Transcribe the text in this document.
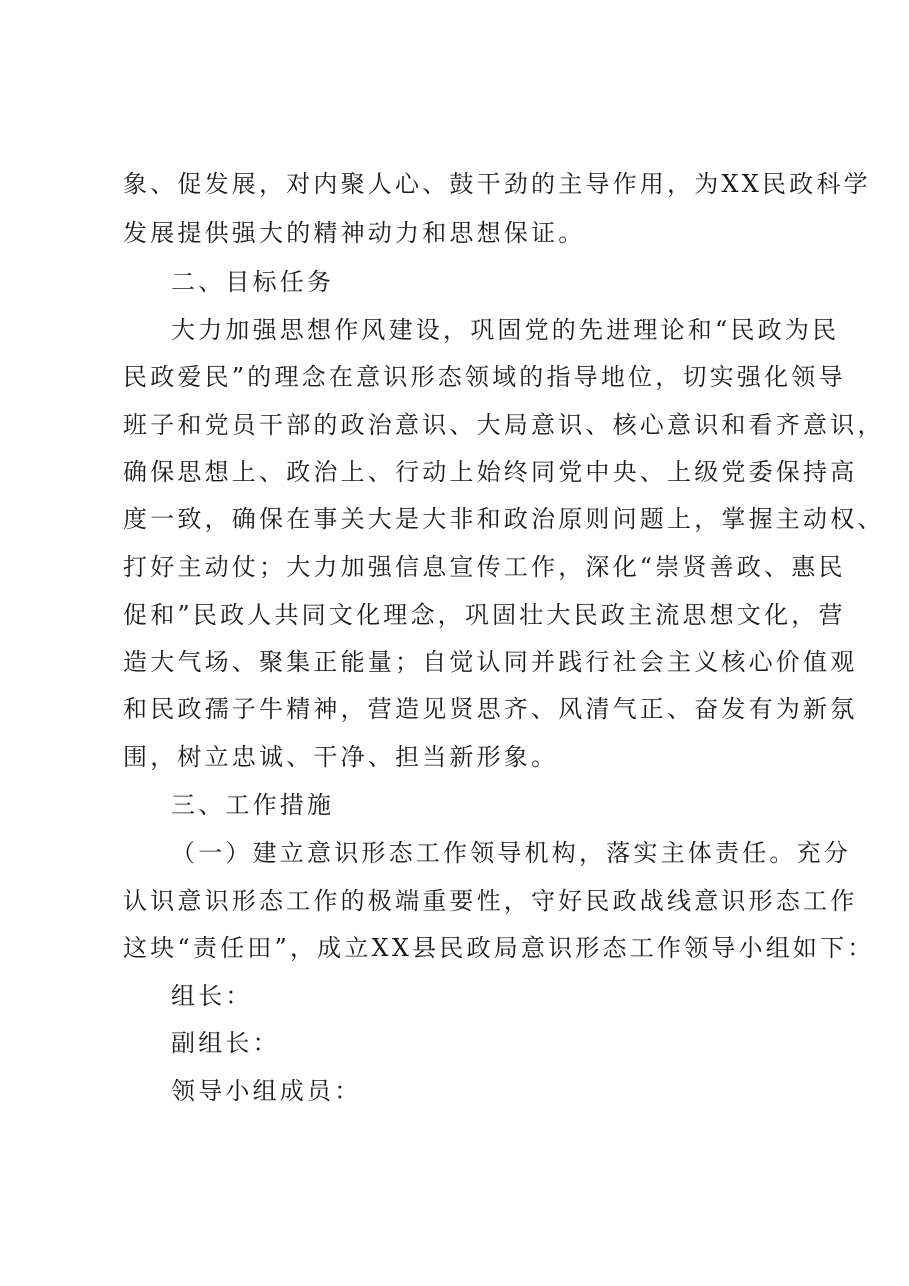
象、促发展，对内聚人心、鼓干劲的主导作用，为XX民政科学
发展提供强大的精神动力和思想保证。
二、目标任务
大力加强思想作风建设，巩固党的先进理论和“民政为民
民政爱民”的理念在意识形态领域的指导地位，切实强化领导
班子和党员干部的政治意识、大局意识、核心意识和看齐意识，
确保思想上、政治上、行动上始终同党中央、上级党委保持高
度一致，确保在事关大是大非和政治原则问题上，掌握主动权、
打好主动仗；大力加强信息宣传工作，深化“崇贤善政、惠民
促和”民政人共同文化理念，巩固壮大民政主流思想文化，营
造大气场、聚集正能量；自觉认同并践行社会主义核心价值观
和民政孺子牛精神，营造见贤思齐、风清气正、奋发有为新氛
围，树立忠诚、干净、担当新形象。
三、工作措施
（一）建立意识形态工作领导机构，落实主体责任。充分
认识意识形态工作的极端重要性，守好民政战线意识形态工作
这块“责任田”，成立XX县民政局意识形态工作领导小组如下：
组长：
副组长：
领导小组成员：
